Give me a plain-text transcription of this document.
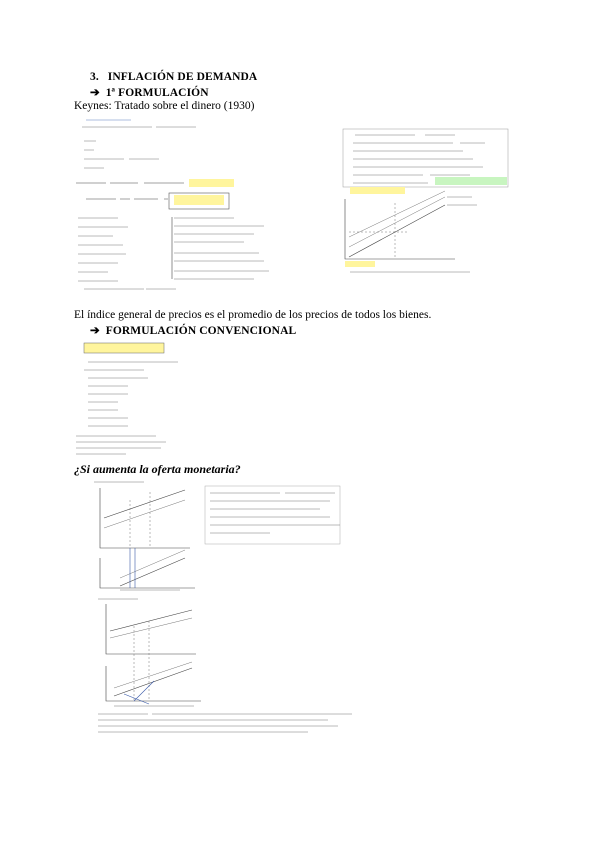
3.   INFLACIÓN DE DEMANDA
➔ 1ª FORMULACIÓN
Keynes: Tratado sobre el dinero (1930)
El índice general de precios es el promedio de los precios de todos los bienes.
➔ FORMULACIÓN CONVENCIONAL
¿Si aumenta la oferta monetaria?
